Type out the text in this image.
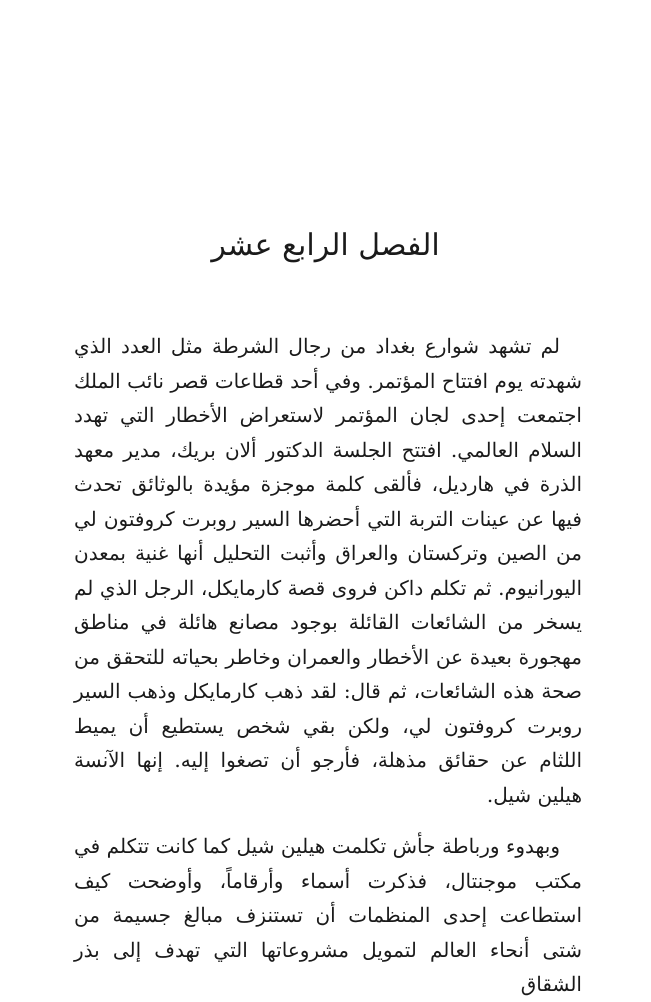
الفصل الرابع عشر

لم تشهد شوارع بغداد من رجال الشرطة مثل العدد الذي شهدته يوم افتتاح المؤتمر. وفي أحد قطاعات قصر نائب الملك اجتمعت إحدى لجان المؤتمر لاستعراض الأخطار التي تهدد السلام العالمي. افتتح الجلسة الدكتور ألان بريك، مدير معهد الذرة في هارديل، فألقى كلمة موجزة مؤيدة بالوثائق تحدث فيها عن عينات التربة التي أحضرها السير روبرت كروفتون لي من الصين وتركستان والعراق وأثبت التحليل أنها غنية بمعدن اليورانيوم. ثم تكلم داكن فروى قصة كارمايكل، الرجل الذي لم يسخر من الشائعات القائلة بوجود مصانع هائلة في مناطق مهجورة بعيدة عن الأخطار والعمران وخاطر بحياته للتحقق من صحة هذه الشائعات، ثم قال: لقد ذهب كارمايكل وذهب السير روبرت كروفتون لي، ولكن بقي شخص يستطيع أن يميط اللثام عن حقائق مذهلة، فأرجو أن تصغوا إليه. إنها الآنسة هيلين شيل.

وبهدوء ورباطة جأش تكلمت هيلين شيل كما كانت تتكلم في مكتب موجنتال، فذكرت أسماء وأرقاماً، وأوضحت كيف استطاعت إحدى المنظمات أن تستنزف مبالغ جسيمة من شتى أنحاء العالم لتمويل مشروعاتها التي تهدف إلى بذر الشقاق
